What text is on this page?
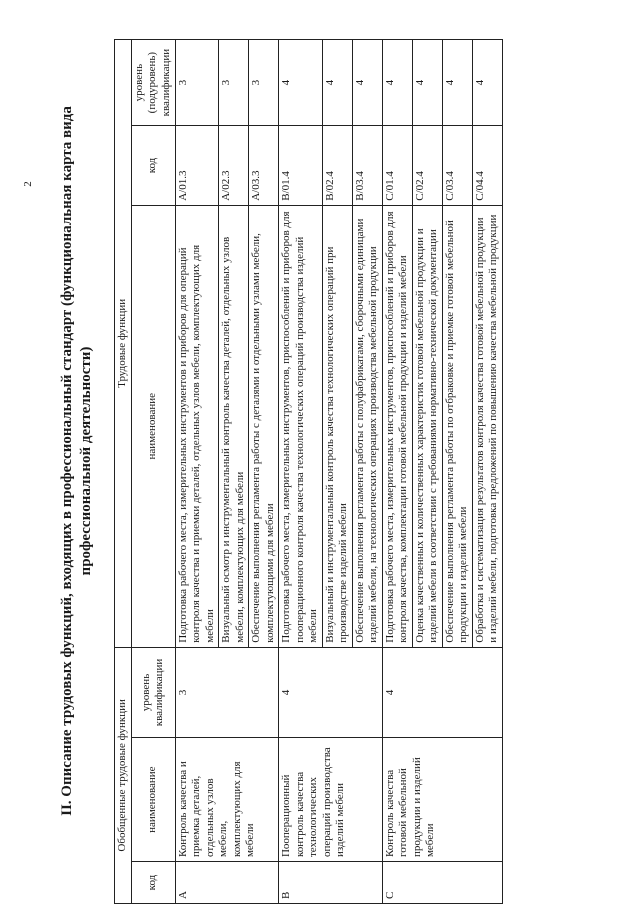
2 II. Описание трудовых функций, входящих в профессиональный стандарт (функциональная карта вида профессиональной деятельности)
Обобщенные трудовые функции			Трудовые функции		
код	наименование	уровень квалификации	наименование	код	уровень (подуровень) квалификации
A	Контроль качества и приемка деталей, отдельных узлов мебели, комплектующих для мебели	3	Подготовка рабочего места, измерительных инструментов и приборов для операций контроля качества и приемки деталей, отдельных узлов мебели, комплектующих для мебели	A/01.3	3
			Визуальный осмотр и инструментальный контроль качества деталей, отдельных узлов мебели, комплектующих для мебели	A/02.3	3
			Обеспечение выполнения регламента работы с деталями и отдельными узлами мебели, комплектующими для мебели	A/03.3	3
B	Пооперационный контроль качества технологических операций производства изделий мебели	4	Подготовка рабочего места, измерительных инструментов, приспособлений и приборов для пооперационного контроля качества технологических операций производства изделий мебели	B/01.4	4
			Визуальный и инструментальный контроль качества технологических операций при производстве изделий мебели	B/02.4	4
			Обеспечение выполнения регламента работы с полуфабрикатами, сборочными единицами изделий мебели, на технологических операциях производства мебельной продукции	B/03.4	4
C	Контроль качества готовой мебельной продукции и изделий мебели	4	Подготовка рабочего места, измерительных инструментов, приспособлений и приборов для контроля качества, комплектации готовой мебельной продукции и изделий мебели	C/01.4	4
			Оценка качественных и количественных характеристик готовой мебельной продукции и изделий мебели в соответствии с требованиями нормативно-технической документации	C/02.4	4
			Обеспечение выполнения регламента работы по отбраковке и приемке готовой мебельной продукции и изделий мебели	C/03.4	4
			Обработка и систематизация результатов контроля качества готовой мебельной продукции и изделий мебели, подготовка предложений по повышению качества мебельной продукции	C/04.4	4
